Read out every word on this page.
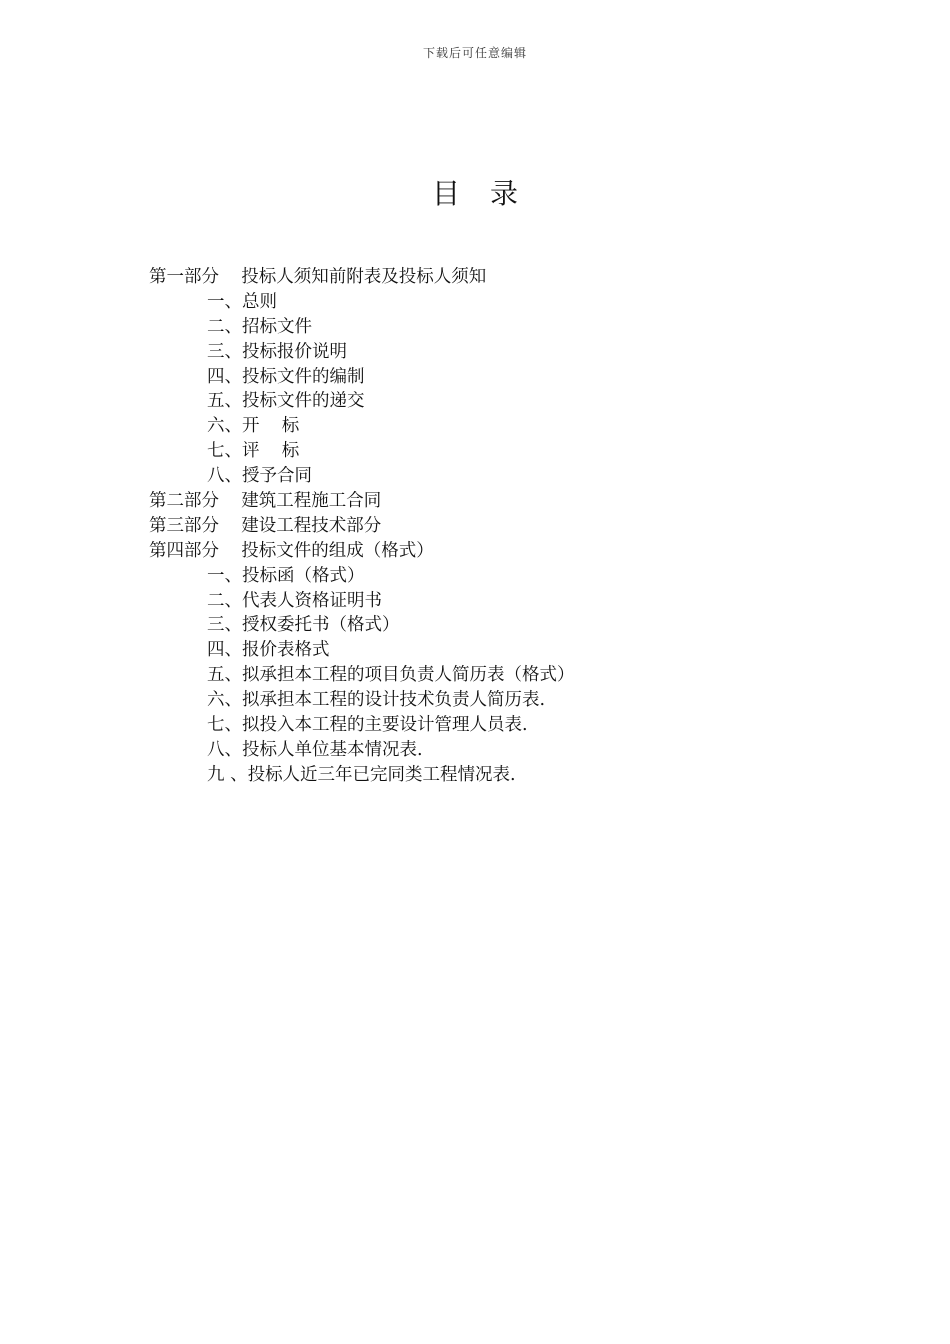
下载后可任意编辑
目 录
第一部分    投标人须知前附表及投标人须知
一、总则
二、招标文件
三、投标报价说明
四、投标文件的编制
五、投标文件的递交
六、开    标
七、评    标
八、授予合同
第二部分    建筑工程施工合同
第三部分    建设工程技术部分
第四部分    投标文件的组成（格式）
一、投标函（格式）
二、代表人资格证明书
三、授权委托书（格式）
四、报价表格式
五、拟承担本工程的项目负责人简历表（格式）
六、拟承担本工程的设计技术负责人简历表.
七、拟投入本工程的主要设计管理人员表.
八、投标人单位基本情况表.
九 、投标人近三年已完同类工程情况表.
